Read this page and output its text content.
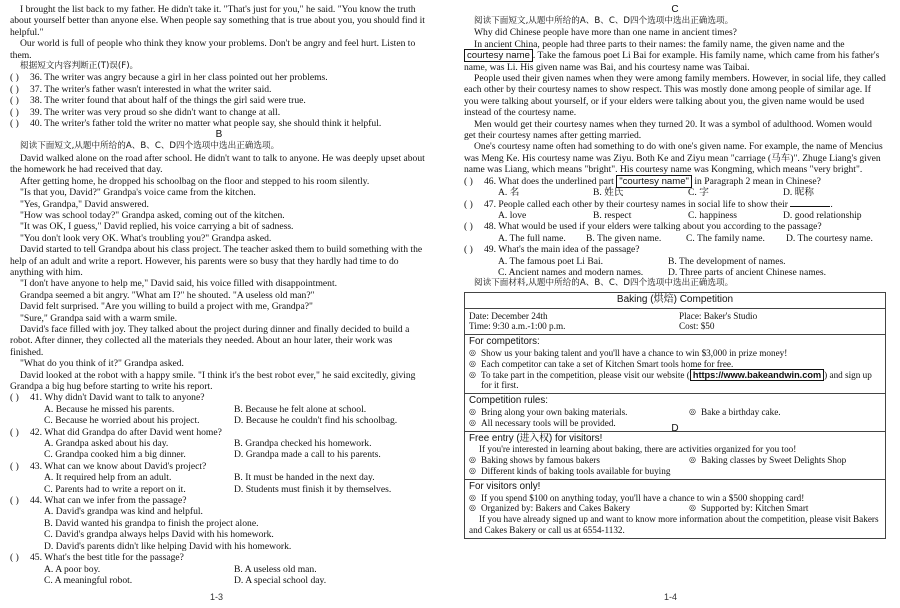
I brought the list back to my father. He didn't take it. "That's just for you," he said. "You know the truth about yourself better than anyone else. When people say something that is true about you, you should find it helpful."

Our world is full of people who think they know your problems. Don't be angry and feel hurt. Listen to them.

根据短文内容判断正(T)误(F)。

( )	36. The writer was angry because a girl in her class pointed out her problems.
( )	37. The writer's father wasn't interested in what the writer said.
( )	38. The writer found that about half of the things the girl said were true.
( )	39. The writer was very proud so she didn't want to change at all.
( )	40. The writer's father told the writer no matter what people say, she should think it helpful.

B

阅读下面短文,从题中所给的A、B、C、D四个选项中选出正确选项。

David walked alone on the road after school. He didn't want to talk to anyone. He was deeply upset about the homework he had received that day.

After getting home, he dropped his schoolbag on the floor and stepped to his room silently.

"Is that you, David?" Grandpa's voice came from the kitchen.

"Yes, Grandpa," David answered.

"How was school today?" Grandpa asked, coming out of the kitchen.

"It was OK, I guess," David replied, his voice carrying a bit of sadness.

"You don't look very OK. What's troubling you?" Grandpa asked.

David started to tell Grandpa about his class project. The teacher asked them to build something with the help of an adult and write a report. However, his parents were so busy that they hardly had time to do anything with him.

"I don't have anyone to help me," David said, his voice filled with disappointment.

Grandpa seemed a bit angry. "What am I?" he shouted. "A useless old man?"

David felt surprised. "Are you willing to build a project with me, Grandpa?"

"Sure," Grandpa said with a warm smile.

David's face filled with joy. They talked about the project during dinner and finally decided to build a robot. After dinner, they collected all the materials they needed. About an hour later, their work was finished.

"What do you think of it?" Grandpa asked.

David looked at the robot with a happy smile. "I think it's the best robot ever," he said excitedly, giving Grandpa a big hug before starting to write his report.

( )	41. Why didn't David want to talk to anyone?
A. Because he missed his parents.	B. Because he felt alone at school.
C. Because he worried about his project.	D. Because he couldn't find his schoolbag.
( )	42. What did Grandpa do after David went home?
A. Grandpa asked about his day.	B. Grandpa checked his homework.
C. Grandpa cooked him a big dinner.	D. Grandpa made a call to his parents.
( )	43. What can we know about David's project?
A. It required help from an adult.	B. It must be handed in the next day.
C. Parents had to write a report on it.	D. Students must finish it by themselves.
( )	44. What can we infer from the passage?
A. David's grandpa was kind and helpful.
B. David wanted his grandpa to finish the project alone.
C. David's grandpa always helps David with his homework.
D. David's parents didn't like helping David with his homework.
( )	45. What's the best title for the passage?
A. A poor boy.	B. A useless old man.
C. A meaningful robot.	D. A special school day.
1-3

C

阅读下面短文,从题中所给的A、B、C、D四个选项中选出正确选项。

Why did Chinese people have more than one name in ancient times?

In ancient China, people had three parts to their names: the family name, the given name and the courtesy name . Take the famous poet Li Bai for example. His family name, which came from his father's name, was Li. His given name was Bai, and his courtesy name was Taibai.

People used their given names when they were among family members. However, in social life, they called each other by their courtesy names to show respect. This was mostly done among people of similar age. If you were talking about yourself, or if your elders were talking about you, the given name would be used instead of the courtesy name.

Men would get their courtesy names when they turned 20. It was a symbol of adulthood. Women would get their courtesy names after getting married.

One's courtesy name often had something to do with one's given name. For example, the name of Mencius was Meng Ke. His courtesy name was Ziyu. Both Ke and Ziyu mean "carriage (马车)". Zhuge Liang's given name was Liang, which means "bright". His courtesy name was Kongming, which means "very bright".

( )	46. What does the underlined part "courtesy name" in Paragraph 2 mean in Chinese?
A. 名	B. 姓氏	C. 字	D. 昵称
( )	47. People called each other by their courtesy names in social life to show their	.
A. love	B. respect	C. happiness	D. good relationship
( )	48. What would be used if your elders were talking about you according to the passage?
A. The full name.	B. The given name.	C. The family name.	D. The courtesy name.
( )	49. What's the main idea of the passage?
A. The famous poet Li Bai.	B. The development of names.
C. Ancient names and modern names.	D. Three parts of ancient Chinese names.

阅读下面材料,从题中所给的A、B、C、D四个选项中选出正确选项。

Baking (烘焙) Competition
Date: December 24th	Place: Baker's Studio
Time: 9:30 a.m.-1:00 p.m.	Cost: $50
For competitors:
◎ Show us your baking talent and you'll have a chance to win $3,000 in prize money!
◎ Each competitor can take a set of Kitchen Smart tools home for free.
◎ To take part in the competition, please visit our website ( https://www.bakeandwin.com ) and sign up for it first.
Competition rules:
◎ Bring along your own baking materials.	◎ Bake a birthday cake.
◎ All necessary tools will be provided.	D
Free entry (进入权) for visitors!
If you're interested in learning about baking, there are activities organized for you too!
◎ Baking shows by famous bakers	◎ Baking classes by Sweet Delights Shop
◎ Different kinds of baking tools available for buying
For visitors only!
◎ If you spend $100 on anything today, you'll have a chance to win a $500 shopping card!
◎ Organized by: Bakers and Cakes Bakery	◎ Supported by: Kitchen Smart
If you have already signed up and want to know more information about the competition, please visit Bakers and Cakes Bakery or call us at 6554-1132.
1-4
